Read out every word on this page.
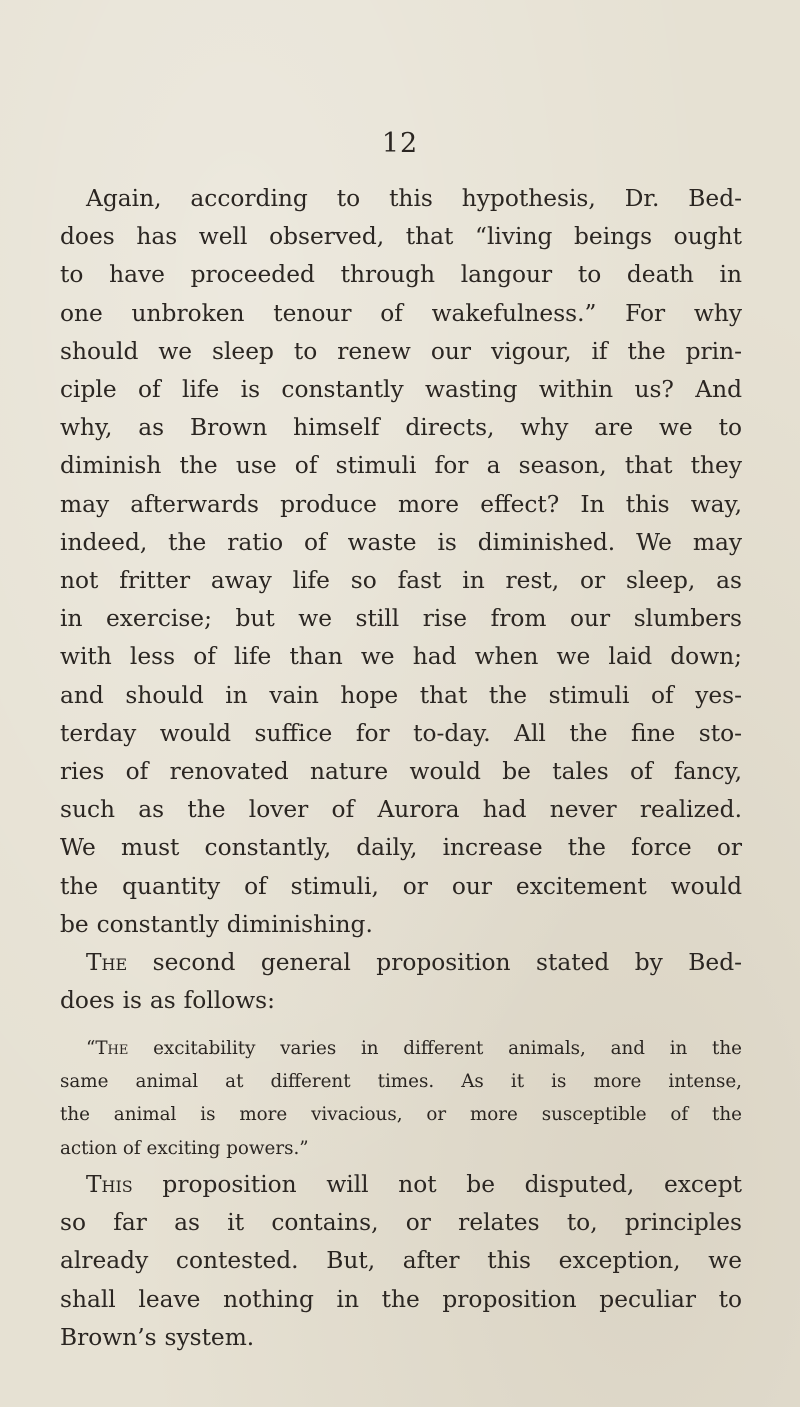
12
Again, according to this hypothesis, Dr. Bed-
does has well observed, that “living beings ought
to have proceeded through langour to death in
one unbroken tenour of wakefulness.” For why
should we sleep to renew our vigour, if the prin-
ciple of life is constantly wasting within us? And
why, as Brown himself directs, why are we to
diminish the use of stimuli for a season, that they
may afterwards produce more effect? In this way,
indeed, the ratio of waste is diminished. We may
not fritter away life so fast in rest, or sleep, as
in exercise; but we still rise from our slumbers
with less of life than we had when we laid down;
and should in vain hope that the stimuli of yes-
terday would suffice for to-day. All the fine sto-
ries of renovated nature would be tales of fancy,
such as the lover of Aurora had never realized.
We must constantly, daily, increase the force or
the quantity of stimuli, or our excitement would
be constantly diminishing.
The second general proposition stated by Bed-
does is as follows:
“The excitability varies in different animals, and in the
same animal at different times. As it is more intense,
the animal is more vivacious, or more susceptible of the
action of exciting powers.”
This proposition will not be disputed, except
so far as it contains, or relates to, principles
already contested. But, after this exception, we
shall leave nothing in the proposition peculiar to
Brown’s system.
